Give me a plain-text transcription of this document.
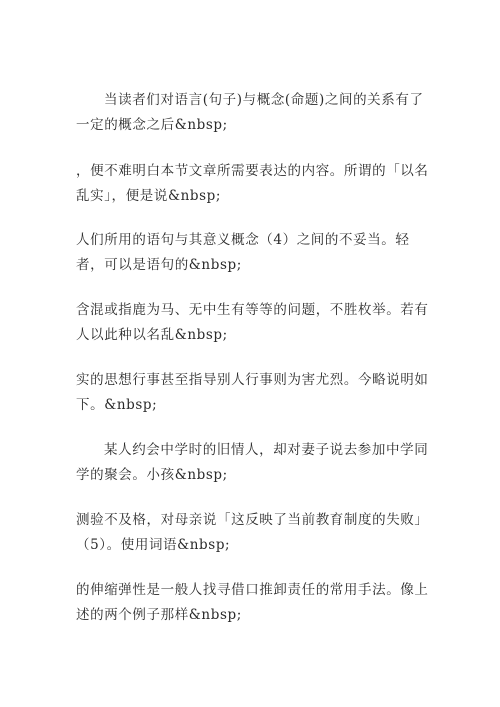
当读者们对语言(句子)与概念(命题)之间的关系有了一定的概念之后&nbsp;
，便不难明白本节文章所需要表达的内容。所谓的「以名乱实」，便是说&nbsp;
人们所用的语句与其意义概念（4）之间的不妥当。轻者，可以是语句的&nbsp;
含混或指鹿为马、无中生有等等的问题，不胜枚举。若有人以此种以名乱&nbsp;
实的思想行事甚至指导别人行事则为害尤烈。今略说明如下。&nbsp;
某人约会中学时的旧情人，却对妻子说去参加中学同学的聚会。小孩&nbsp;
测验不及格，对母亲说「这反映了当前教育制度的失败」（5）。使用词语&nbsp;
的伸缩弹性是一般人找寻借口推卸责任的常用手法。像上述的两个例子那样&nbsp;
